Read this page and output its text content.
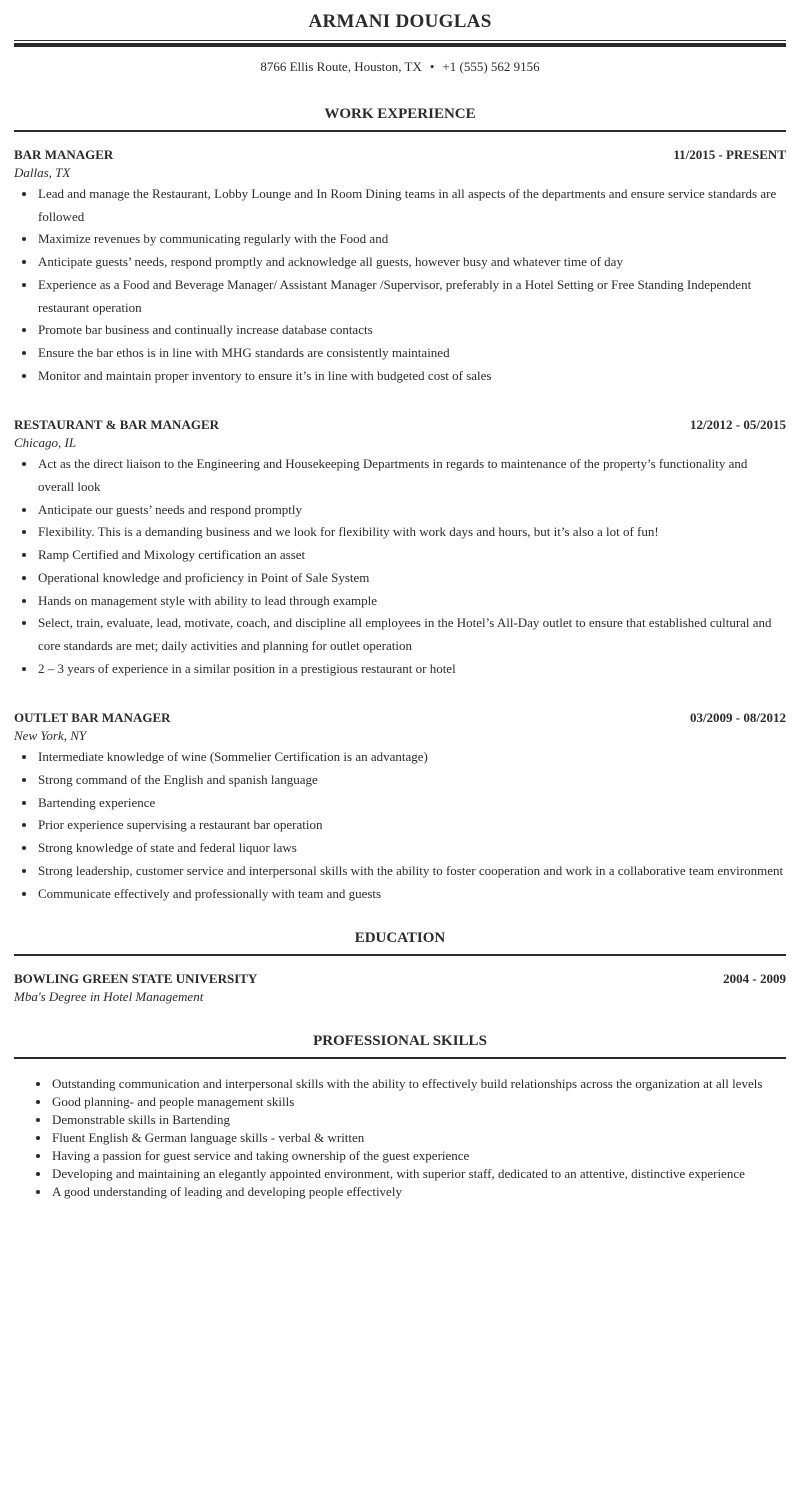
ARMANI DOUGLAS
8766 Ellis Route, Houston, TX • +1 (555) 562 9156
WORK EXPERIENCE
BAR MANAGER	11/2015 - PRESENT
Dallas, TX
• Lead and manage the Restaurant, Lobby Lounge and In Room Dining teams in all aspects of the departments and ensure service standards are followed
• Maximize revenues by communicating regularly with the Food and
• Anticipate guests’ needs, respond promptly and acknowledge all guests, however busy and whatever time of day
• Experience as a Food and Beverage Manager/ Assistant Manager /Supervisor, preferably in a Hotel Setting or Free Standing Independent restaurant operation
• Promote bar business and continually increase database contacts
• Ensure the bar ethos is in line with MHG standards are consistently maintained
• Monitor and maintain proper inventory to ensure it’s in line with budgeted cost of sales
RESTAURANT & BAR MANAGER	12/2012 - 05/2015
Chicago, IL
• Act as the direct liaison to the Engineering and Housekeeping Departments in regards to maintenance of the property’s functionality and overall look
• Anticipate our guests’ needs and respond promptly
• Flexibility. This is a demanding business and we look for flexibility with work days and hours, but it’s also a lot of fun!
• Ramp Certified and Mixology certification an asset
• Operational knowledge and proficiency in Point of Sale System
• Hands on management style with ability to lead through example
• Select, train, evaluate, lead, motivate, coach, and discipline all employees in the Hotel’s All-Day outlet to ensure that established cultural and core standards are met; daily activities and planning for outlet operation
• 2 – 3 years of experience in a similar position in a prestigious restaurant or hotel
OUTLET BAR MANAGER	03/2009 - 08/2012
New York, NY
• Intermediate knowledge of wine (Sommelier Certification is an advantage)
• Strong command of the English and spanish language
• Bartending experience
• Prior experience supervising a restaurant bar operation
• Strong knowledge of state and federal liquor laws
• Strong leadership, customer service and interpersonal skills with the ability to foster cooperation and work in a collaborative team environment
• Communicate effectively and professionally with team and guests
EDUCATION
BOWLING GREEN STATE UNIVERSITY	2004 - 2009
Mba's Degree in Hotel Management
PROFESSIONAL SKILLS
• Outstanding communication and interpersonal skills with the ability to effectively build relationships across the organization at all levels
• Good planning- and people management skills
• Demonstrable skills in Bartending
• Fluent English & German language skills - verbal & written
• Having a passion for guest service and taking ownership of the guest experience
• Developing and maintaining an elegantly appointed environment, with superior staff, dedicated to an attentive, distinctive experience
• A good understanding of leading and developing people effectively
